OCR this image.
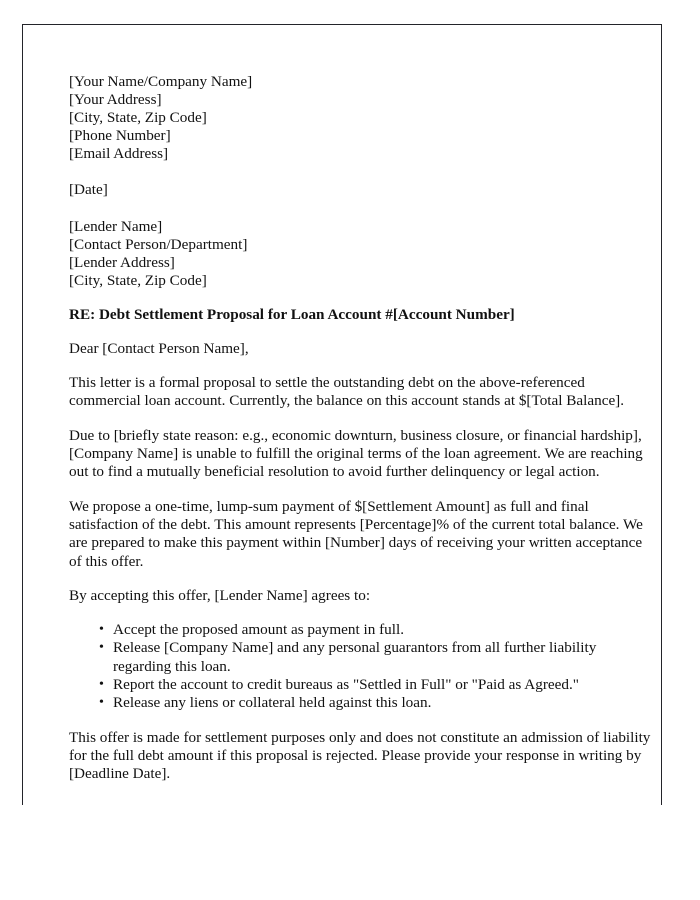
[Your Name/Company Name]
[Your Address]
[City, State, Zip Code]
[Phone Number]
[Email Address]
[Date]
[Lender Name]
[Contact Person/Department]
[Lender Address]
[City, State, Zip Code]
RE: Debt Settlement Proposal for Loan Account #[Account Number]
Dear [Contact Person Name],

This letter is a formal proposal to settle the outstanding debt on the above-referenced commercial loan account. Currently, the balance on this account stands at $[Total Balance].

Due to [briefly state reason: e.g., economic downturn, business closure, or financial hardship], [Company Name] is unable to fulfill the original terms of the loan agreement. We are reaching out to find a mutually beneficial resolution to avoid further delinquency or legal action.

We propose a one-time, lump-sum payment of $[Settlement Amount] as full and final satisfaction of the debt. This amount represents [Percentage]% of the current total balance. We are prepared to make this payment within [Number] days of receiving your written acceptance of this offer.

By accepting this offer, [Lender Name] agrees to:

• Accept the proposed amount as payment in full.
• Release [Company Name] and any personal guarantors from all further liability regarding this loan.
• Report the account to credit bureaus as "Settled in Full" or "Paid as Agreed."
• Release any liens or collateral held against this loan.

This offer is made for settlement purposes only and does not constitute an admission of liability for the full debt amount if this proposal is rejected. Please provide your response in writing by [Deadline Date].
